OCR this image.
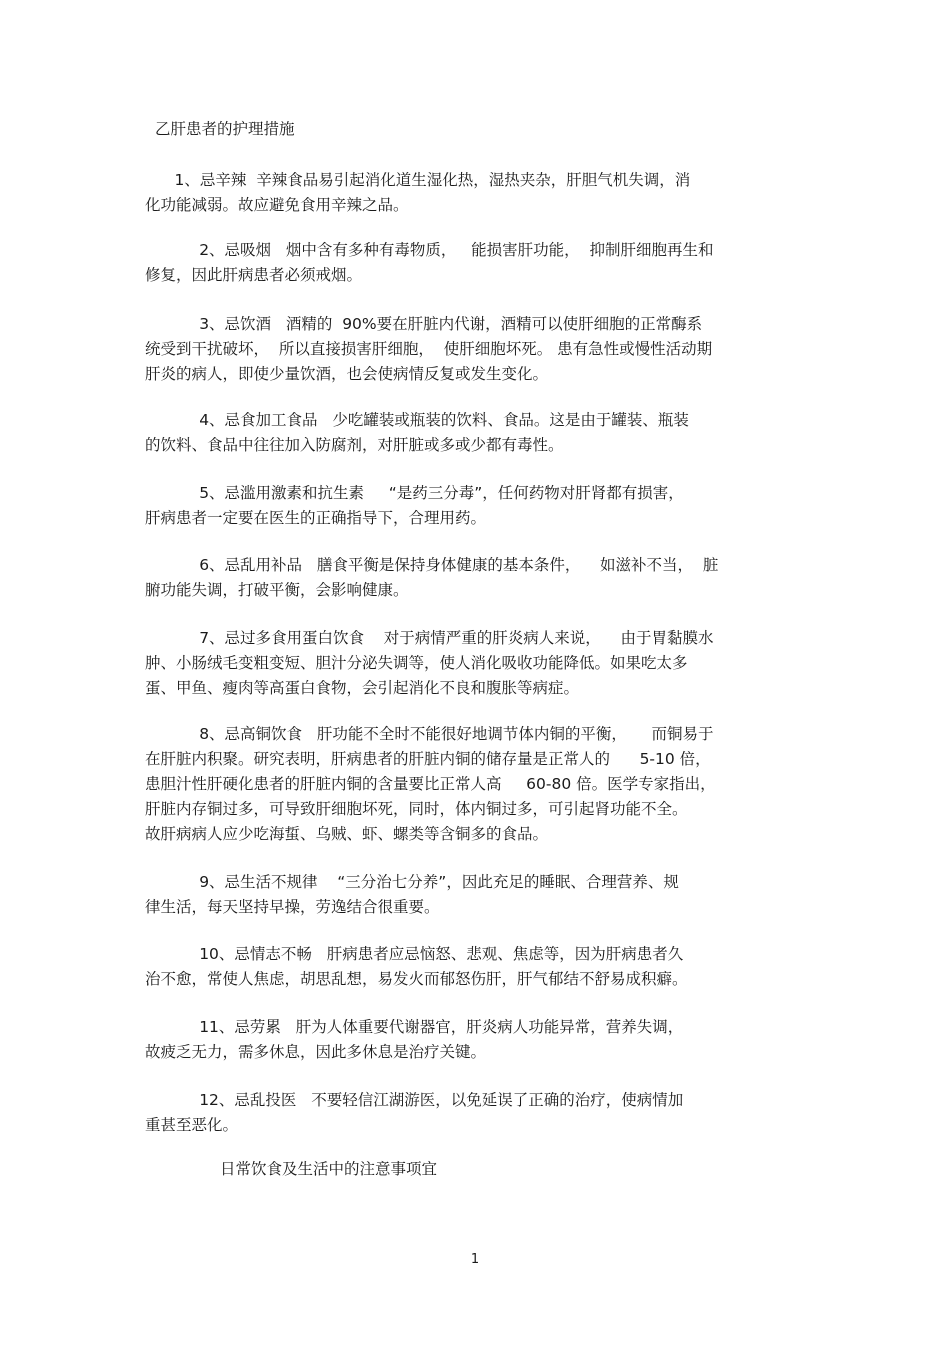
乙肝患者的护理措施

1、忌辛辣  辛辣食品易引起消化道生湿化热，湿热夹杂，肝胆气机失调，消
化功能减弱。故应避免食用辛辣之品。

2、忌吸烟   烟中含有多种有毒物质，   能损害肝功能，  抑制肝细胞再生和
修复，因此肝病患者必须戒烟。

3、忌饮酒   酒精的  90%要在肝脏内代谢，酒精可以使肝细胞的正常酶系
统受到干扰破坏，  所以直接损害肝细胞，  使肝细胞坏死。 患有急性或慢性活动期
肝炎的病人，即使少量饮酒，也会使病情反复或发生变化。

4、忌食加工食品   少吃罐装或瓶装的饮料、食品。这是由于罐装、瓶装
的饮料、食品中往往加入防腐剂，对肝脏或多或少都有毒性。

5、忌滥用激素和抗生素     “是药三分毒”，任何药物对肝肾都有损害，
肝病患者一定要在医生的正确指导下，合理用药。

6、忌乱用补品   膳食平衡是保持身体健康的基本条件，    如滋补不当，  脏
腑功能失调，打破平衡，会影响健康。

7、忌过多食用蛋白饮食    对于病情严重的肝炎病人来说，    由于胃黏膜水
肿、小肠绒毛变粗变短、胆汁分泌失调等，使人消化吸收功能降低。如果吃太多
蛋、甲鱼、瘦肉等高蛋白食物，会引起消化不良和腹胀等病症。

8、忌高铜饮食   肝功能不全时不能很好地调节体内铜的平衡，     而铜易于
在肝脏内积聚。研究表明，肝病患者的肝脏内铜的储存量是正常人的      5-10 倍，
患胆汁性肝硬化患者的肝脏内铜的含量要比正常人高     60-80 倍。医学专家指出，
肝脏内存铜过多，可导致肝细胞坏死，同时，体内铜过多，可引起肾功能不全。
故肝病病人应少吃海蜇、乌贼、虾、螺类等含铜多的食品。

9、忌生活不规律    “三分治七分养”，因此充足的睡眠、合理营养、规
律生活，每天坚持早操，劳逸结合很重要。

10、忌情志不畅   肝病患者应忌恼怒、悲观、焦虑等，因为肝病患者久
治不愈，常使人焦虑，胡思乱想，易发火而郁怒伤肝，肝气郁结不舒易成积癖。

11、忌劳累   肝为人体重要代谢器官，肝炎病人功能异常，营养失调，
故疲乏无力，需多休息，因此多休息是治疗关键。

12、忌乱投医   不要轻信江湖游医，以免延误了正确的治疗，使病情加
重甚至恶化。

日常饮食及生活中的注意事项宜

1
